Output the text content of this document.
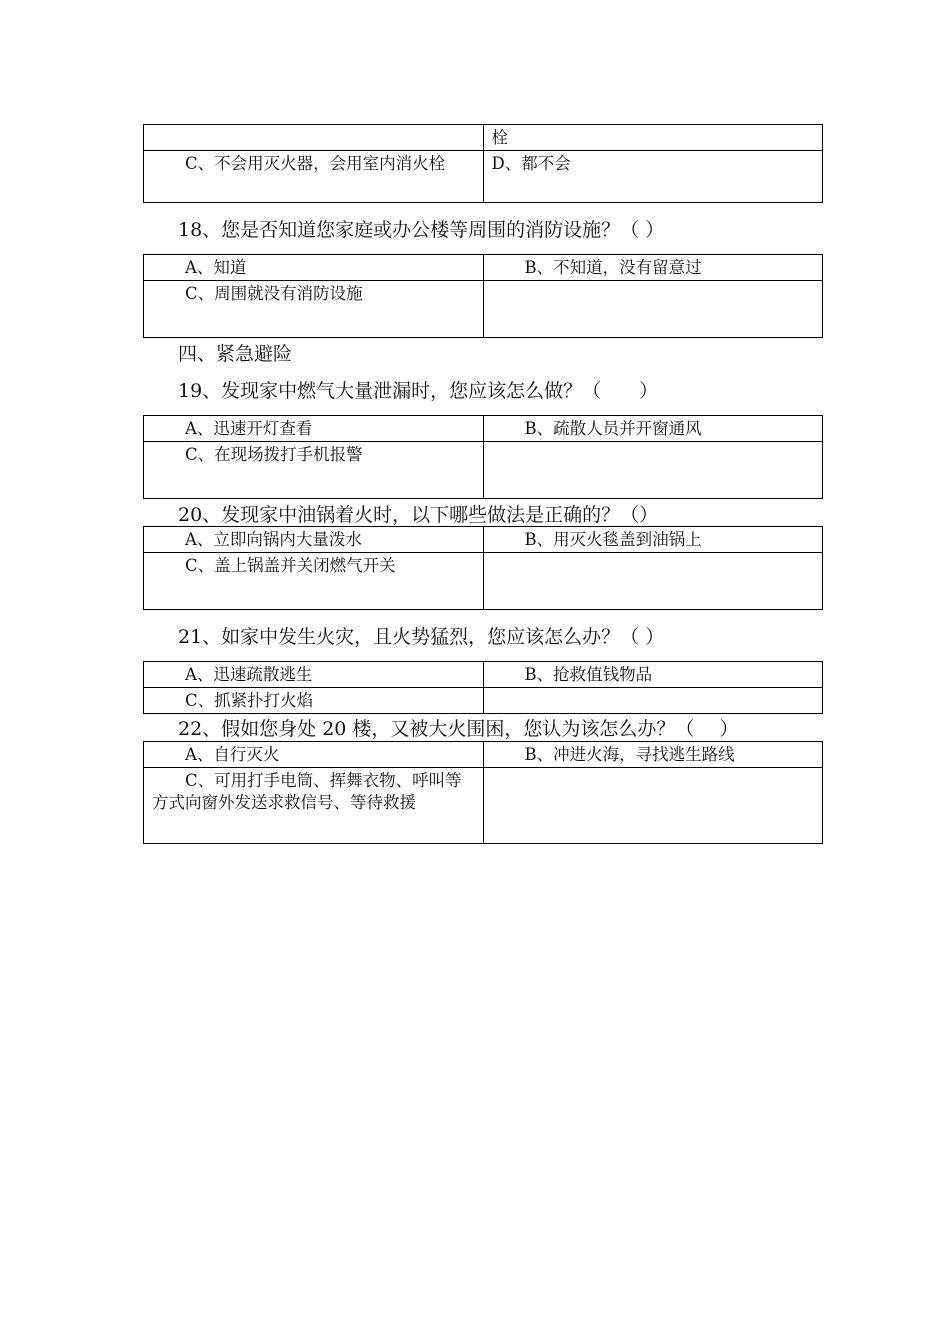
	栓
C、不会用灭火器，会用室内消火栓	D、都不会
18、您是否知道您家庭或办公楼等周围的消防设施？（ ）
A、知道	B、不知道，没有留意过
C、周围就没有消防设施	
四、紧急避险
19、发现家中燃气大量泄漏时，您应该怎么做？（　　）
A、迅速开灯查看	B、疏散人员并开窗通风
C、在现场拨打手机报警	
20、发现家中油锅着火时，以下哪些做法是正确的？（）
A、立即向锅内大量泼水	B、用灭火毯盖到油锅上
C、盖上锅盖并关闭燃气开关	
21、如家中发生火灾，且火势猛烈，您应该怎么办？（ ）
A、迅速疏散逃生	B、抢救值钱物品
C、抓紧扑打火焰	
22、假如您身处 20 楼，又被大火围困，您认为该怎么办？（　 ）
A、自行灭火	B、冲进火海，寻找逃生路线
C、可用打手电筒、挥舞衣物、呼叫等方式向窗外发送求救信号、等待救援	
